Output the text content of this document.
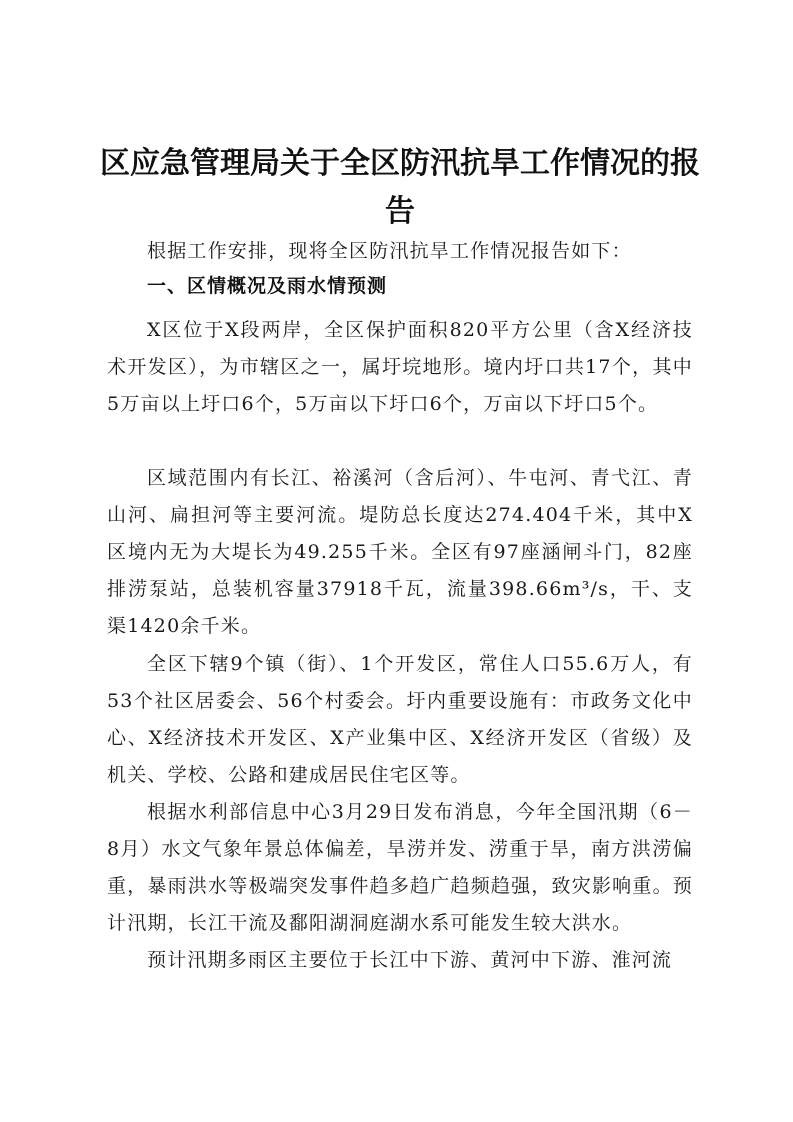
区应急管理局关于全区防汛抗旱工作情况的报告

根据工作安排，现将全区防汛抗旱工作情况报告如下：

一、区情概况及雨水情预测

X区位于X段两岸，全区保护面积820平方公里（含X经济技术开发区），为市辖区之一，属圩垸地形。境内圩口共17个，其中5万亩以上圩口6个，5万亩以下圩口6个，万亩以下圩口5个。

区域范围内有长江、裕溪河（含后河）、牛屯河、青弋江、青山河、扁担河等主要河流。堤防总长度达274.404千米，其中X区境内无为大堤长为49.255千米。全区有97座涵闸斗门，82座排涝泵站，总装机容量37918千瓦，流量398.66m³/s，干、支渠1420余千米。

全区下辖9个镇（街）、1个开发区，常住人口55.6万人，有53个社区居委会、56个村委会。圩内重要设施有：市政务文化中心、X经济技术开发区、X产业集中区、X经济开发区（省级）及机关、学校、公路和建成居民住宅区等。

根据水利部信息中心3月29日发布消息，今年全国汛期（6－8月）水文气象年景总体偏差，旱涝并发、涝重于旱，南方洪涝偏重，暴雨洪水等极端突发事件趋多趋广趋频趋强，致灾影响重。预计汛期，长江干流及鄱阳湖洞庭湖水系可能发生较大洪水。

预计汛期多雨区主要位于长江中下游、黄河中下游、淮河流
